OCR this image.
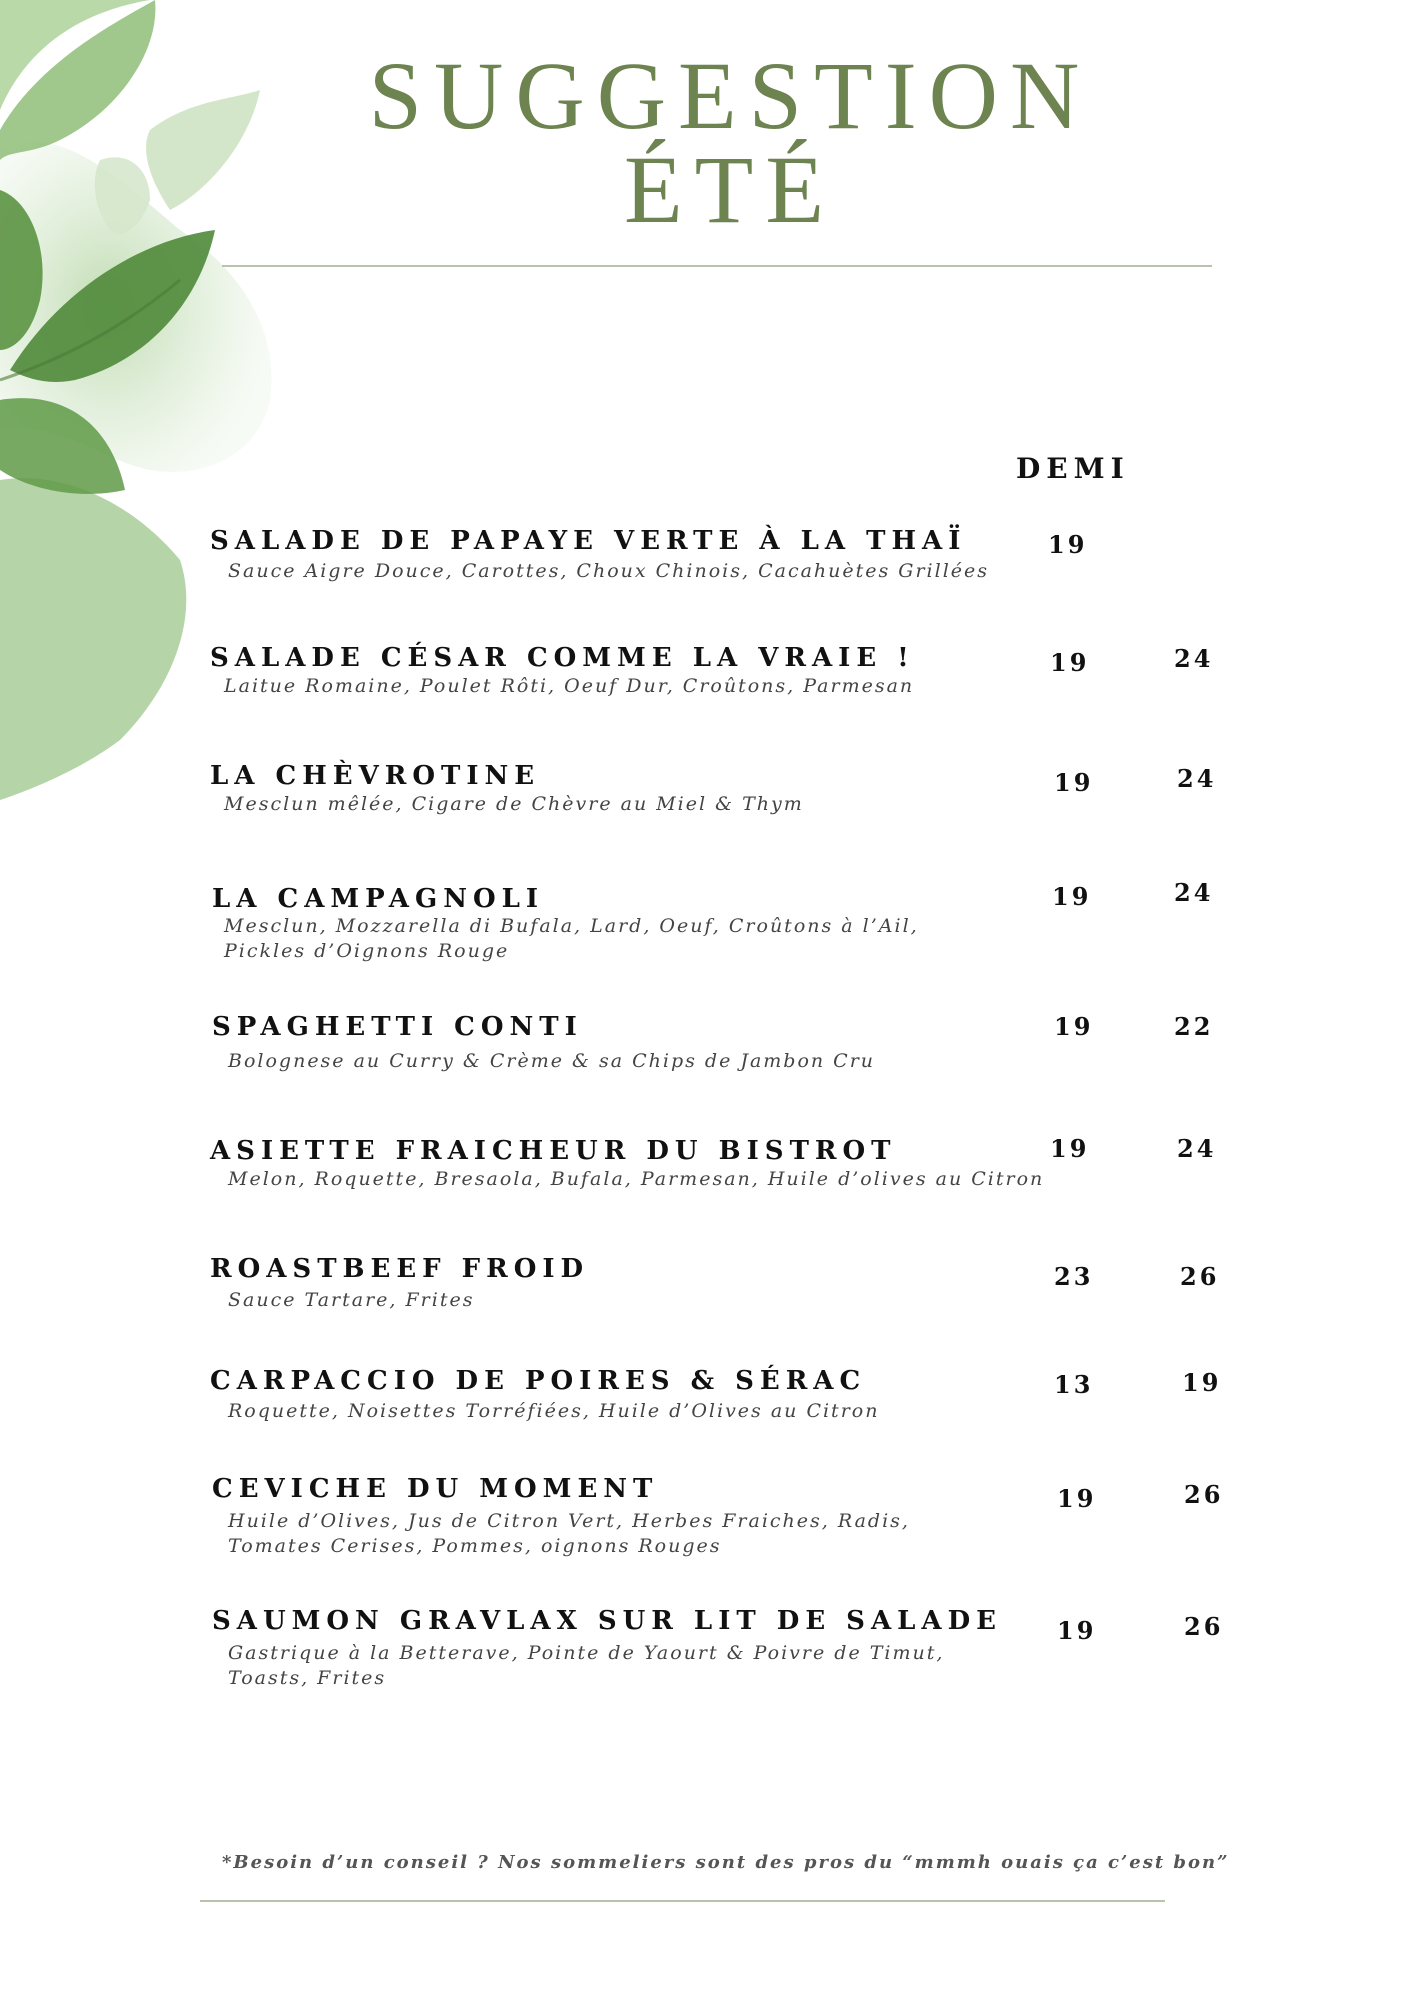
SUGGESTION
ÉTÉ
DEMI
SALADE DE PAPAYE VERTE À LA THAÏ
Sauce Aigre Douce, Carottes, Choux Chinois, Cacahuètes Grillées
19
SALADE CÉSAR COMME LA VRAIE !
Laitue Romaine, Poulet Rôti, Oeuf Dur, Croûtons, Parmesan
19	24
LA CHÈVROTINE
Mesclun mêlée, Cigare de Chèvre au Miel & Thym
19	24
LA CAMPAGNOLI
Mesclun, Mozzarella di Bufala, Lard, Oeuf, Croûtons à l’Ail,
Pickles d’Oignons Rouge
19	24
SPAGHETTI CONTI
Bolognese au Curry & Crème & sa Chips de Jambon Cru
19	22
ASIETTE FRAICHEUR DU BISTROT
Melon, Roquette, Bresaola, Bufala, Parmesan, Huile d’olives au Citron
19	24
ROASTBEEF FROID
Sauce Tartare, Frites
23	26
CARPACCIO DE POIRES & SÉRAC
Roquette, Noisettes Torréfiées, Huile d’Olives au Citron
13	19
CEVICHE DU MOMENT
Huile d’Olives, Jus de Citron Vert, Herbes Fraiches, Radis,
Tomates Cerises, Pommes, oignons Rouges
19	26
SAUMON GRAVLAX SUR LIT DE SALADE
Gastrique à la Betterave, Pointe de Yaourt & Poivre de Timut,
Toasts, Frites
19	26
*Besoin d’un conseil ? Nos sommeliers sont des pros du “mmmh ouais ça c’est bon”
